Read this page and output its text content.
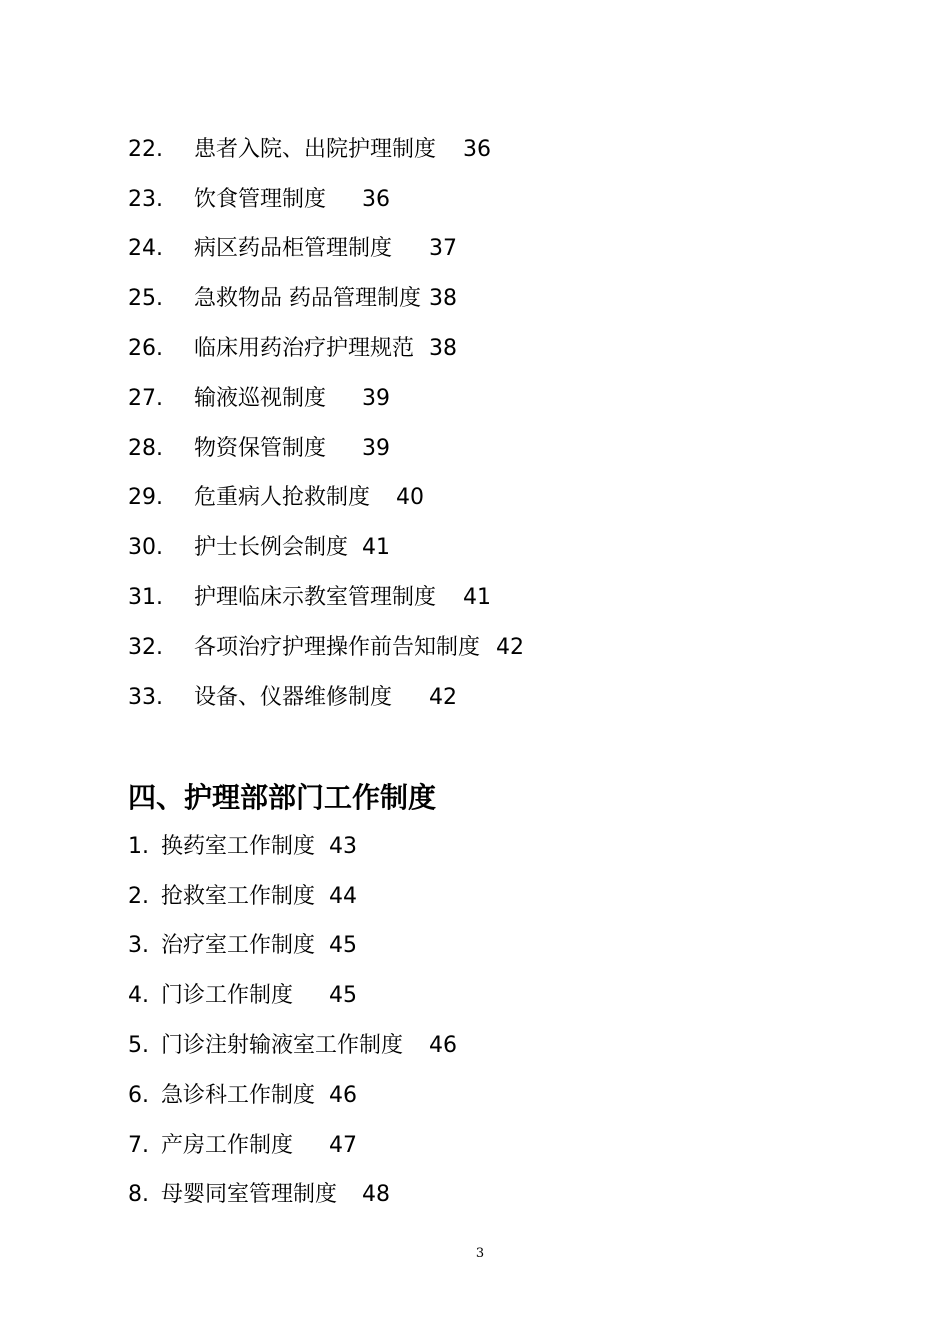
22. 患者入院、出院护理制度 36
23. 饮食管理制度 36
24. 病区药品柜管理制度 37
25. 急救物品 药品管理制度 38
26. 临床用药治疗护理规范 38
27. 输液巡视制度 39
28. 物资保管制度 39
29. 危重病人抢救制度 40
30. 护士长例会制度 41
31. 护理临床示教室管理制度 41
32. 各项治疗护理操作前告知制度 42
33. 设备、仪器维修制度 42
四、护理部部门工作制度
1. 换药室工作制度 43
2. 抢救室工作制度 44
3. 治疗室工作制度 45
4. 门诊工作制度 45
5. 门诊注射输液室工作制度 46
6. 急诊科工作制度 46
7. 产房工作制度 47
8. 母婴同室管理制度 48
3
